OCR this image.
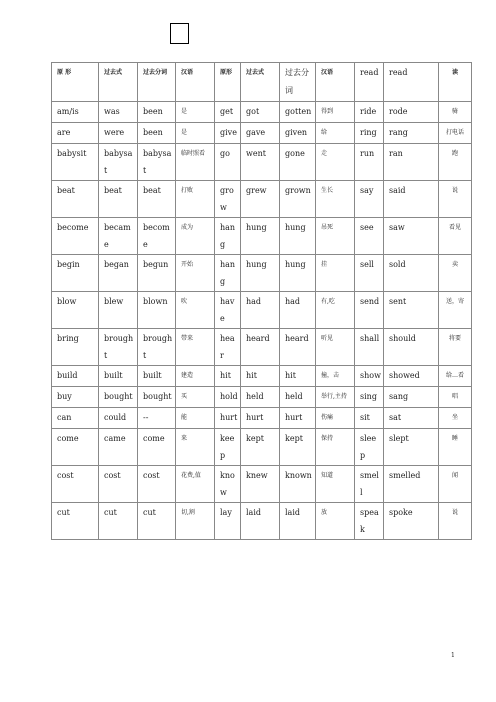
原 形	过去式	过去分词	汉语	原形	过去式	过去分词	汉语	read	read	读
am/is	was	been	是	get	got	gotten	得到	ride	rode	骑
are	were	been	是	give	gave	given	给	ring	rang	打电话
babysit	babysat	babysat	临时照看	go	went	gone	走	run	ran	跑
beat	beat	beat	打败	grow	grew	grown	生长	say	said	说
become	became	become	成为	hang	hung	hung	吊死	see	saw	看见
begin	began	begun	开始	hang	hung	hung	挂	sell	sold	卖
blow	blew	blown	吹	have	had	had	有,吃	send	sent	送，寄
bring	brought	brought	带来	hear	heard	heard	听见	shall	should	将要
build	built	built	建造	hit	hit	hit	撞，击	show	showed	给…看
buy	bought	bought	买	hold	held	held	举行,主持	sing	sang	唱
can	could	--	能	hurt	hurt	hurt	伤痛	sit	sat	坐
come	came	come	来	keep	kept	kept	保持	sleep	slept	睡
cost	cost	cost	花费,值	know	knew	known	知道	smell	smelled	闻
cut	cut	cut	切,割	lay	laid	laid	放	speak	spoke	说
1
